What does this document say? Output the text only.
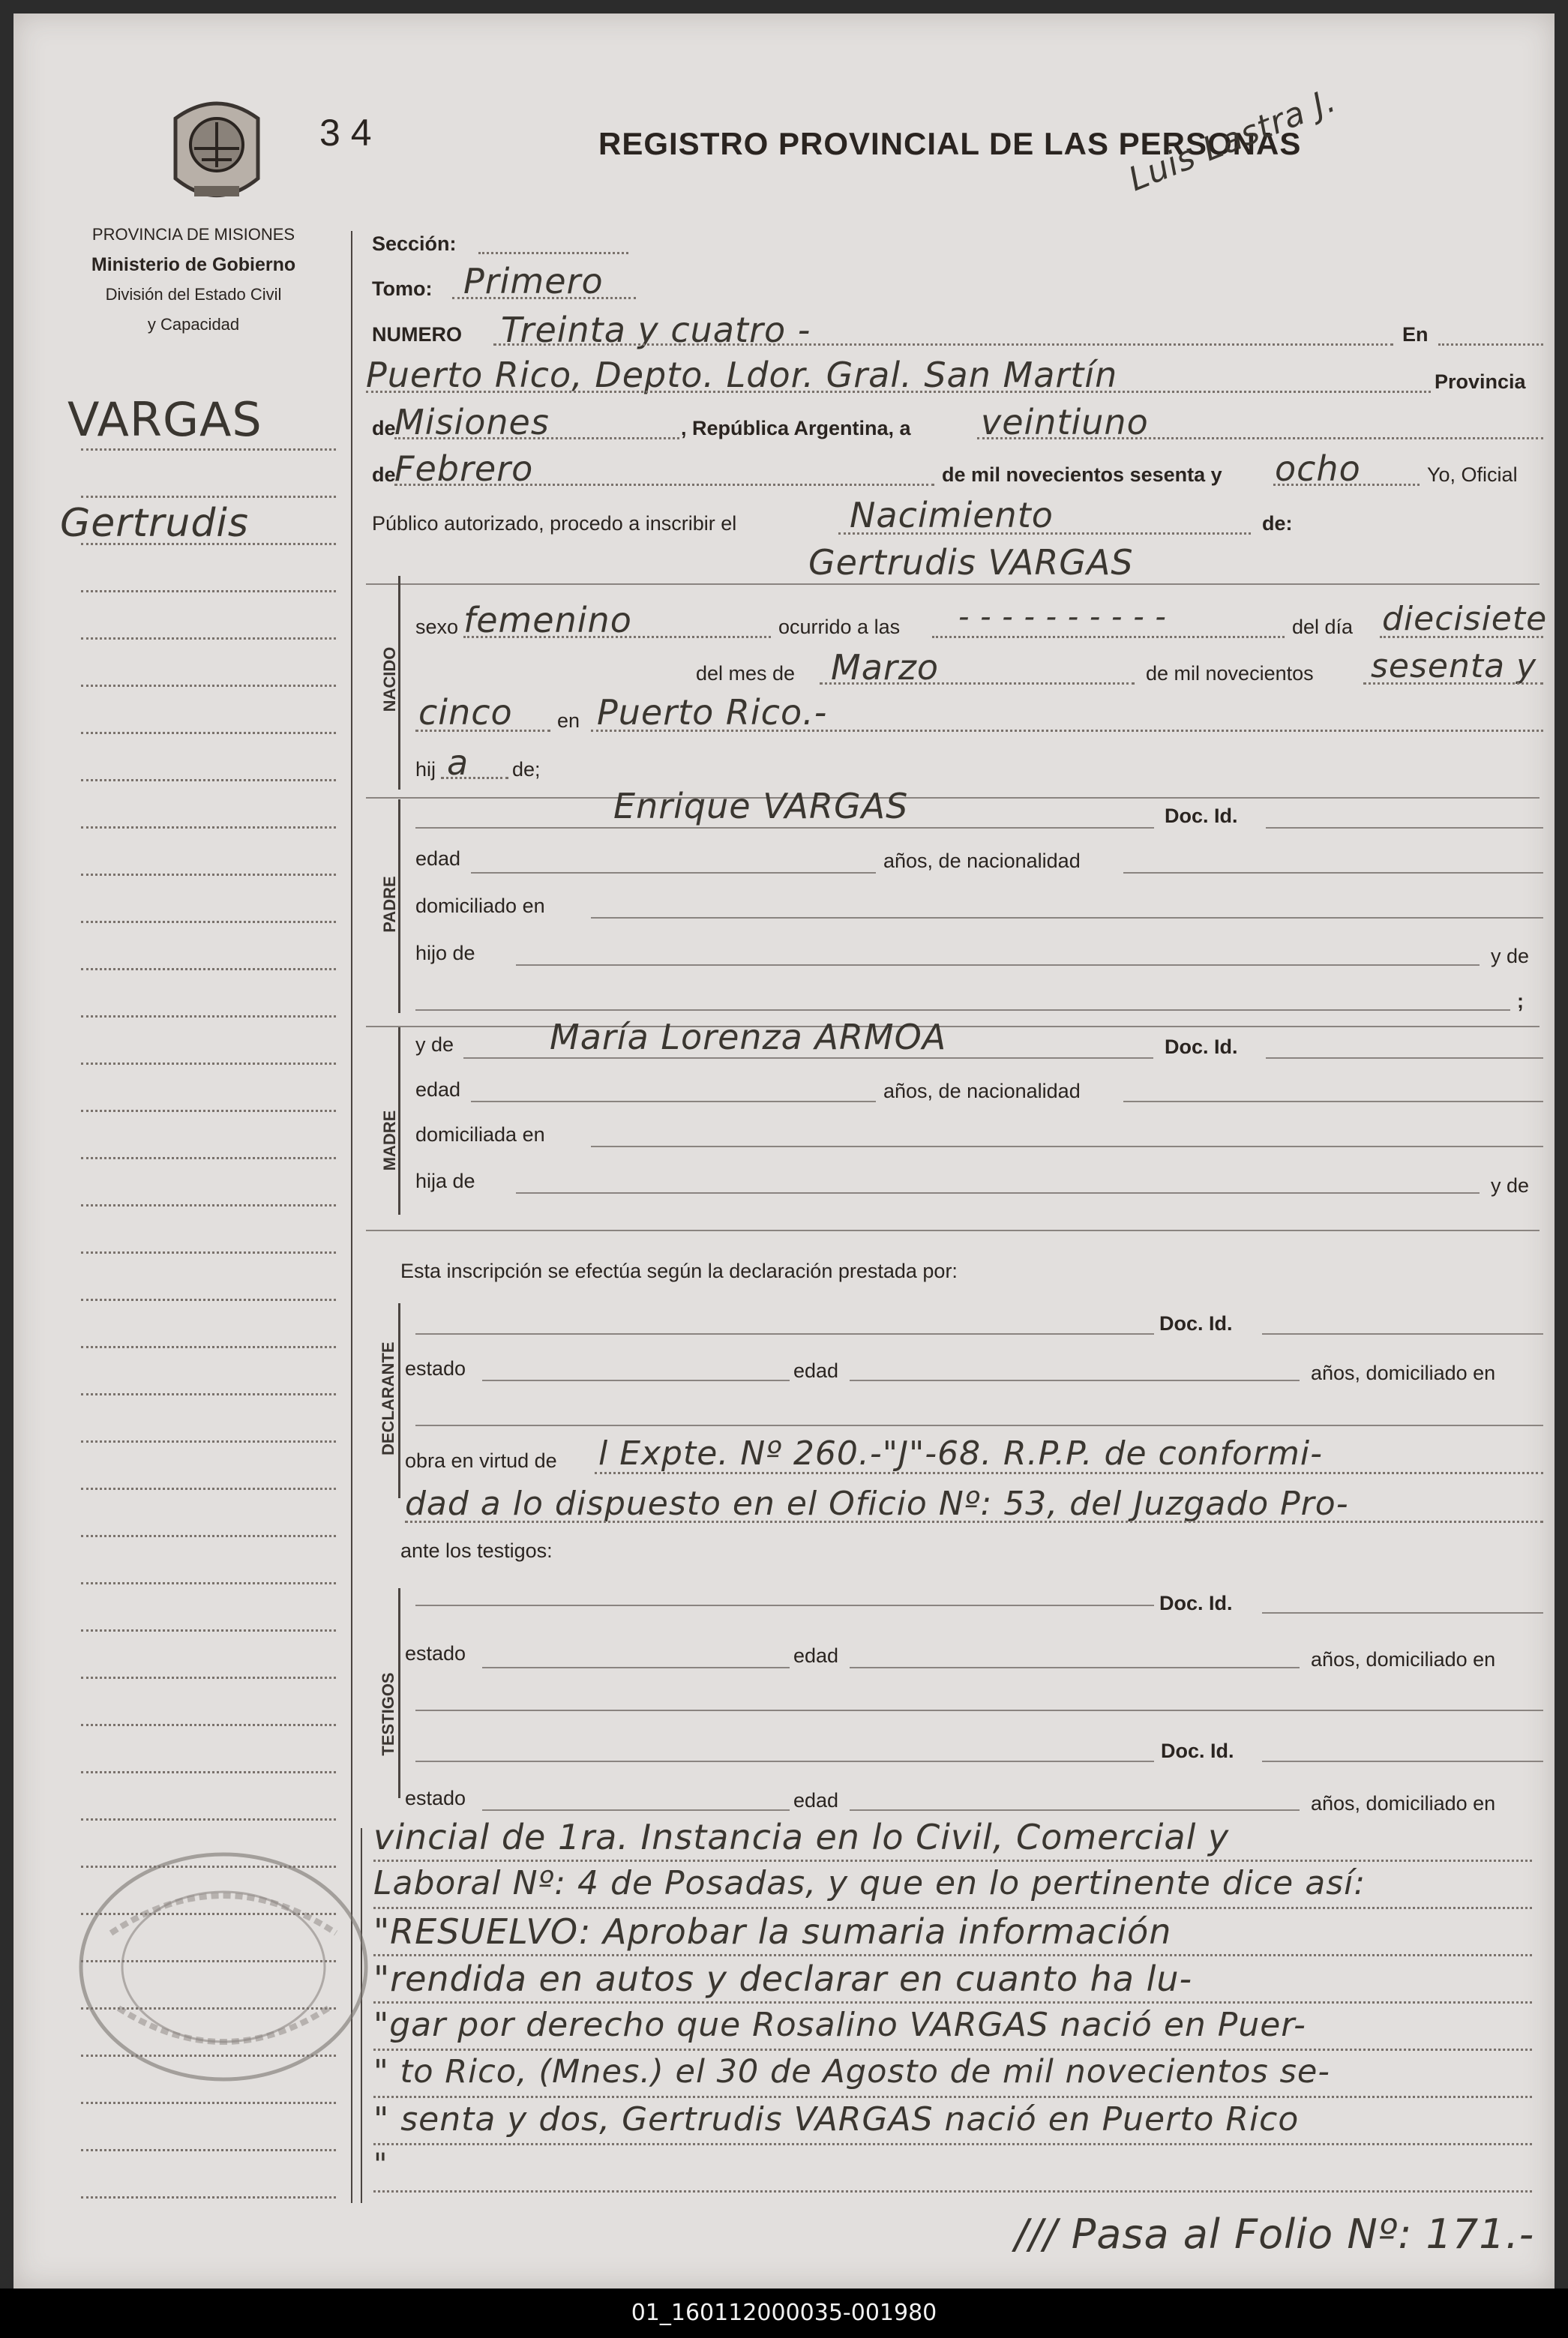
3 4	REGISTRO PROVINCIAL DE LAS PERSONAS
Luis Lastra J.
PROVINCIA DE MISIONES
Ministerio de Gobierno
División del Estado Civil
y Capacidad
VARGAS
Gertrudis
Sección:
Tomo: Primero
NUMERO Treinta y cuatro -	En
Puerto Rico, Depto. Ldor. Gral. San Martín	Provincia
de
Misiones	, República Argentina, a veintiuno
de
Febrero	de mil novecientos sesenta y ocho	Yo, Oficial
Público autorizado, procedo a inscribir el	Nacimiento	de:
Gertrudis VARGAS
NACIDO
sexo femenino	ocurrido a las - - - - - - - - - -	del día diecisiete
del mes de Marzo	de mil novecientos sesenta y
cinco en Puerto Rico.-
hij a de;
PADRE
Enrique VARGAS	Doc. Id.
edad	años, de nacionalidad
domiciliado en
hijo de	y de
;
MADRE
y de	María Lorenza ARMOA	Doc. Id.
edad	años, de nacionalidad
domiciliada en
hija de	y de
Esta inscripción se efectúa según la declaración prestada por:
DECLARANTE
Doc. Id.
estado	edad	años, domiciliado en
obra en virtud de l Expte. Nº 260.-"J"-68. R.P.P. de conformi-
dad a lo dispuesto en el Oficio Nº: 53, del Juzgado Pro-
ante los testigos:
TESTIGOS
Doc. Id.
estado	edad	años, domiciliado en
Doc. Id.
estado	edad	años, domiciliado en
vincial de 1ra. Instancia en lo Civil, Comercial y
Laboral Nº: 4 de Posadas, y que en lo pertinente dice así:
"RESUELVO: Aprobar la sumaria información
"rendida en autos y declarar en cuanto ha lu-
"gar por derecho que Rosalino VARGAS nació en Puer-
" to Rico, (Mnes.) el 30 de Agosto de mil novecientos se-
" senta y dos, Gertrudis VARGAS nació en Puerto Rico
"
/// Pasa al Folio Nº: 171.-
01_160112000035-001980
